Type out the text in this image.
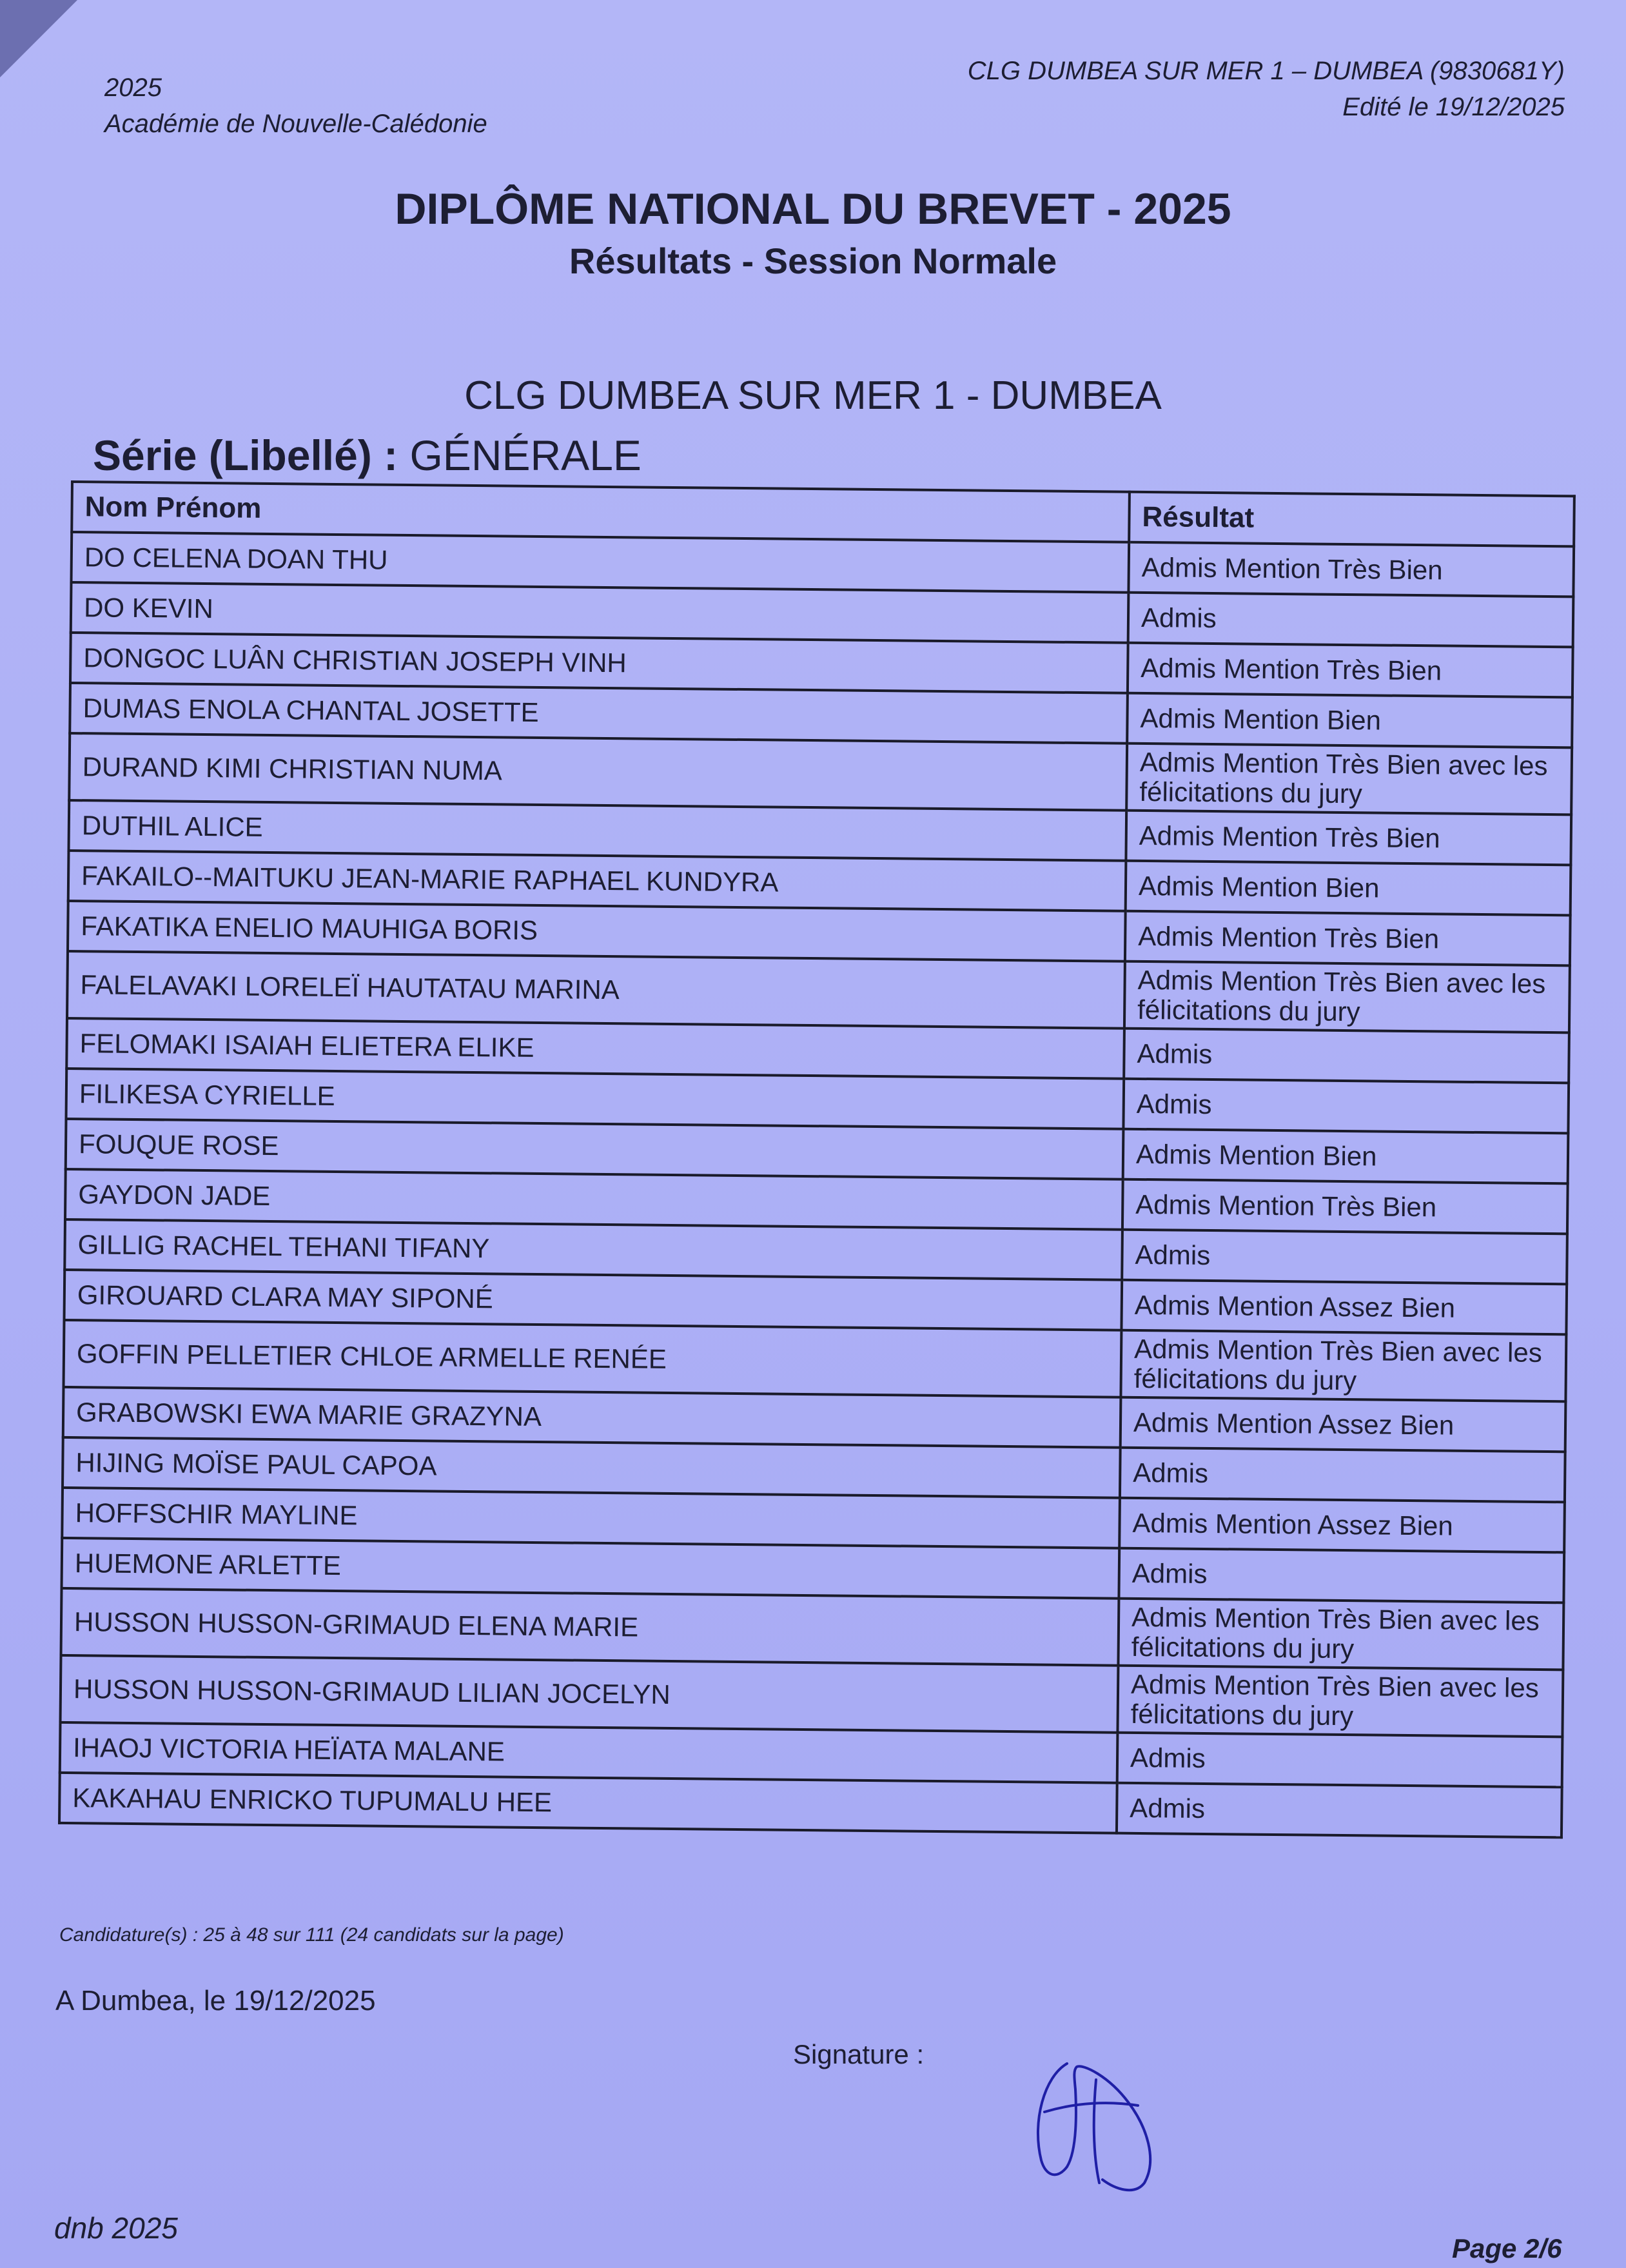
2025
Académie de Nouvelle-Calédonie
CLG DUMBEA SUR MER 1 – DUMBEA (9830681Y)
Edité le 19/12/2025
DIPLÔME NATIONAL DU BREVET - 2025
Résultats - Session Normale
CLG DUMBEA SUR MER 1 - DUMBEA
Série (Libellé) : GÉNÉRALE
Nom Prénom	Résultat
DO CELENA DOAN THU	Admis Mention Très Bien
DO KEVIN	Admis
DONGOC LUÂN CHRISTIAN JOSEPH VINH	Admis Mention Très Bien
DUMAS ENOLA CHANTAL JOSETTE	Admis Mention Bien
DURAND KIMI CHRISTIAN NUMA	Admis Mention Très Bien avec les félicitations du jury
DUTHIL ALICE	Admis Mention Très Bien
FAKAILO--MAITUKU JEAN-MARIE RAPHAEL KUNDYRA	Admis Mention Bien
FAKATIKA ENELIO MAUHIGA BORIS	Admis Mention Très Bien
FALELAVAKI LORELEÏ HAUTATAU MARINA	Admis Mention Très Bien avec les félicitations du jury
FELOMAKI ISAIAH ELIETERA ELIKE	Admis
FILIKESA CYRIELLE	Admis
FOUQUE ROSE	Admis Mention Bien
GAYDON JADE	Admis Mention Très Bien
GILLIG RACHEL TEHANI TIFANY	Admis
GIROUARD CLARA MAY SIPONÉ	Admis Mention Assez Bien
GOFFIN PELLETIER CHLOE ARMELLE RENÉE	Admis Mention Très Bien avec les félicitations du jury
GRABOWSKI EWA MARIE GRAZYNA	Admis Mention Assez Bien
HIJING MOÏSE PAUL CAPOA	Admis
HOFFSCHIR MAYLINE	Admis Mention Assez Bien
HUEMONE ARLETTE	Admis
HUSSON HUSSON-GRIMAUD ELENA MARIE	Admis Mention Très Bien avec les félicitations du jury
HUSSON HUSSON-GRIMAUD LILIAN JOCELYN	Admis Mention Très Bien avec les félicitations du jury
IHAOJ VICTORIA HEÏATA MALANE	Admis
KAKAHAU ENRICKO TUPUMALU HEE	Admis
Candidature(s) : 25 à 48 sur 111 (24 candidats sur la page)
A Dumbea, le 19/12/2025
Signature :
dnb 2025
Page 2/6
